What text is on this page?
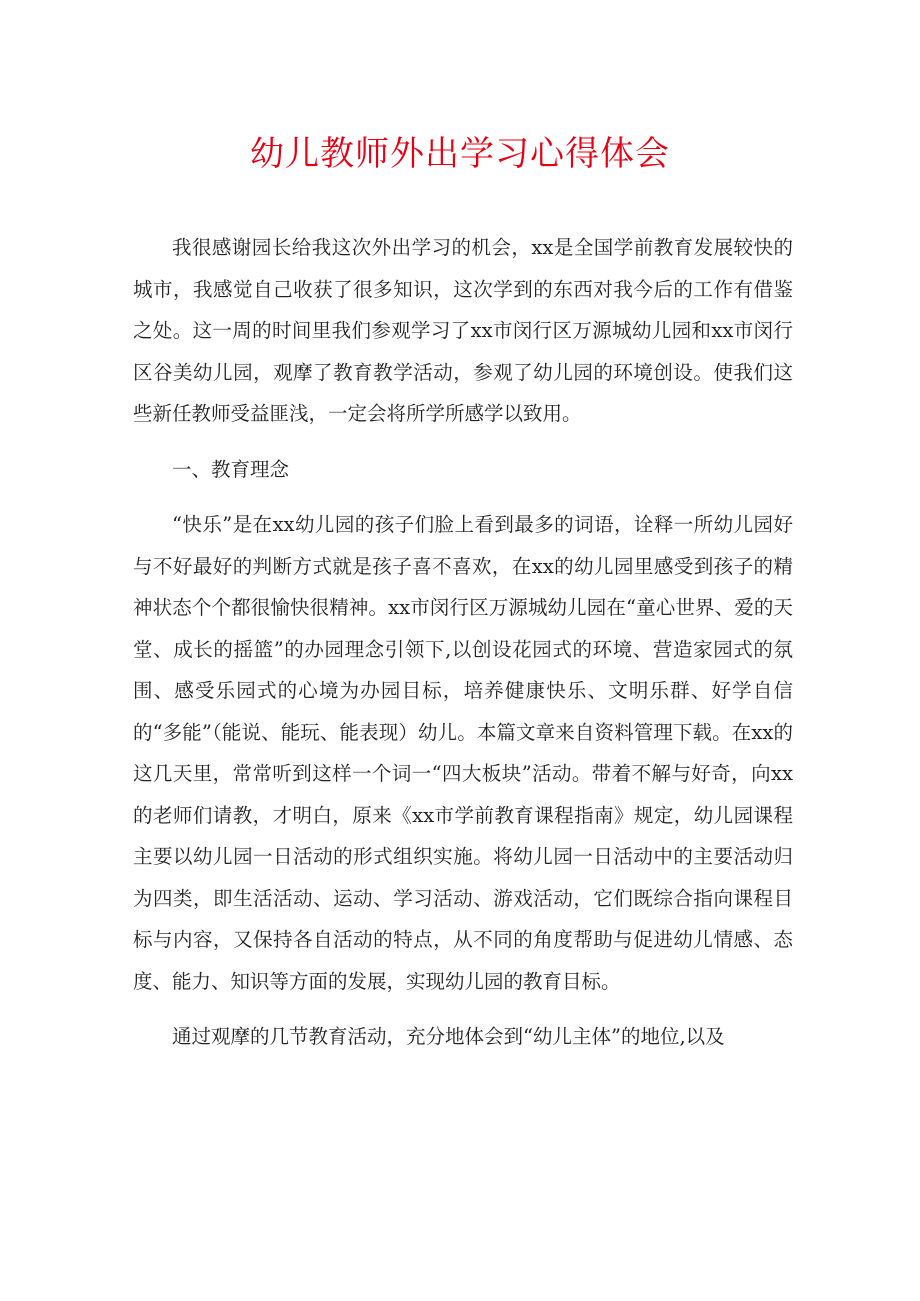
幼儿教师外出学习心得体会

我很感谢园长给我这次外出学习的机会，xx是全国学前教育发展较快的城市，我感觉自己收获了很多知识，这次学到的东西对我今后的工作有借鉴之处。这一周的时间里我们参观学习了xx市闵行区万源城幼儿园和xx市闵行区谷美幼儿园，观摩了教育教学活动，参观了幼儿园的环境创设。使我们这些新任教师受益匪浅，一定会将所学所感学以致用。

一、教育理念

“快乐”是在xx幼儿园的孩子们脸上看到最多的词语，诠释一所幼儿园好与不好最好的判断方式就是孩子喜不喜欢，在xx的幼儿园里感受到孩子的精神状态个个都很愉快很精神。xx市闵行区万源城幼儿园在“童心世界、爱的天堂、成长的摇篮”的办园理念引领下,以创设花园式的环境、营造家园式的氛围、感受乐园式的心境为办园目标，培养健康快乐、文明乐群、好学自信的“多能”（能说、能玩、能表现）幼儿。本篇文章来自资料管理下载。在xx的这几天里，常常听到这样一个词一“四大板块”活动。带着不解与好奇，向xx的老师们请教，才明白，原来《xx市学前教育课程指南》规定，幼儿园课程主要以幼儿园一日活动的形式组织实施。将幼儿园一日活动中的主要活动归为四类，即生活活动、运动、学习活动、游戏活动，它们既综合指向课程目标与内容，又保持各自活动的特点，从不同的角度帮助与促进幼儿情感、态度、能力、知识等方面的发展，实现幼儿园的教育目标。

通过观摩的几节教育活动，充分地体会到“幼儿主体”的地位,以及
